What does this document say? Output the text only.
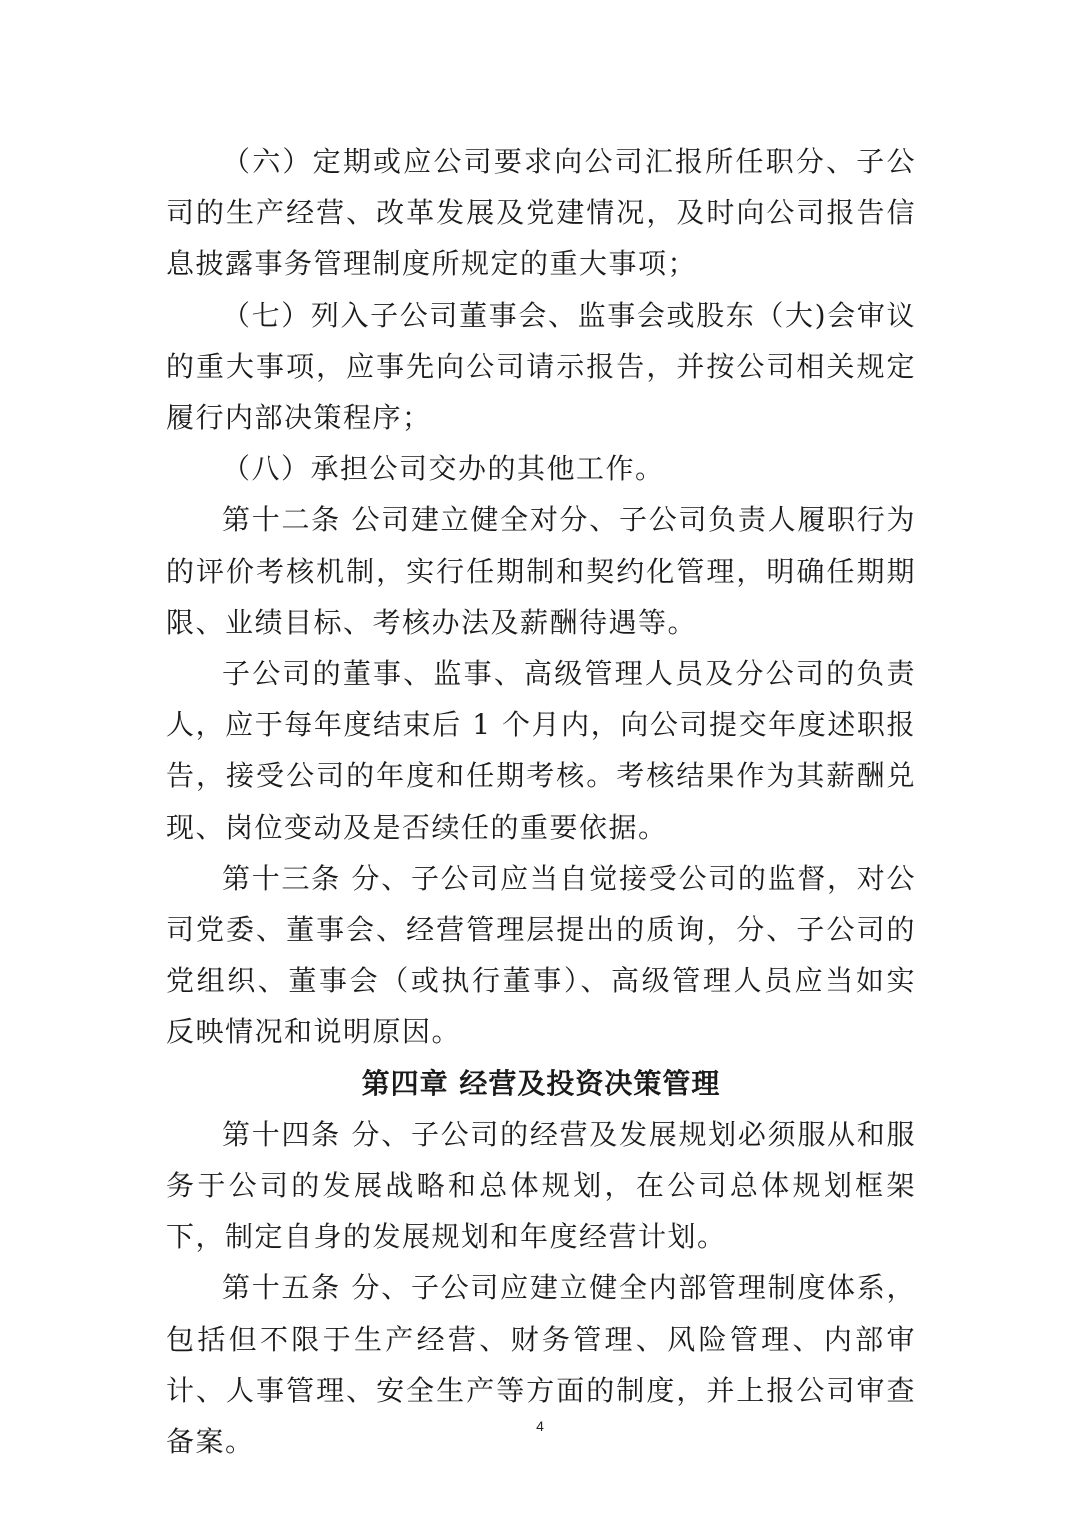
（六）定期或应公司要求向公司汇报所任职分、子公司的生产经营、改革发展及党建情况，及时向公司报告信息披露事务管理制度所规定的重大事项；

（七）列入子公司董事会、监事会或股东（大)会审议的重大事项，应事先向公司请示报告，并按公司相关规定履行内部决策程序；

（八）承担公司交办的其他工作。

第十二条 公司建立健全对分、子公司负责人履职行为的评价考核机制，实行任期制和契约化管理，明确任期期限、业绩目标、考核办法及薪酬待遇等。

子公司的董事、监事、高级管理人员及分公司的负责人，应于每年度结束后 1 个月内，向公司提交年度述职报告，接受公司的年度和任期考核。考核结果作为其薪酬兑现、岗位变动及是否续任的重要依据。

第十三条 分、子公司应当自觉接受公司的监督，对公司党委、董事会、经营管理层提出的质询，分、子公司的党组织、董事会（或执行董事）、高级管理人员应当如实反映情况和说明原因。

第四章 经营及投资决策管理

第十四条 分、子公司的经营及发展规划必须服从和服务于公司的发展战略和总体规划，在公司总体规划框架下，制定自身的发展规划和年度经营计划。

第十五条 分、子公司应建立健全内部管理制度体系，包括但不限于生产经营、财务管理、风险管理、内部审计、人事管理、安全生产等方面的制度，并上报公司审查备案。	4
